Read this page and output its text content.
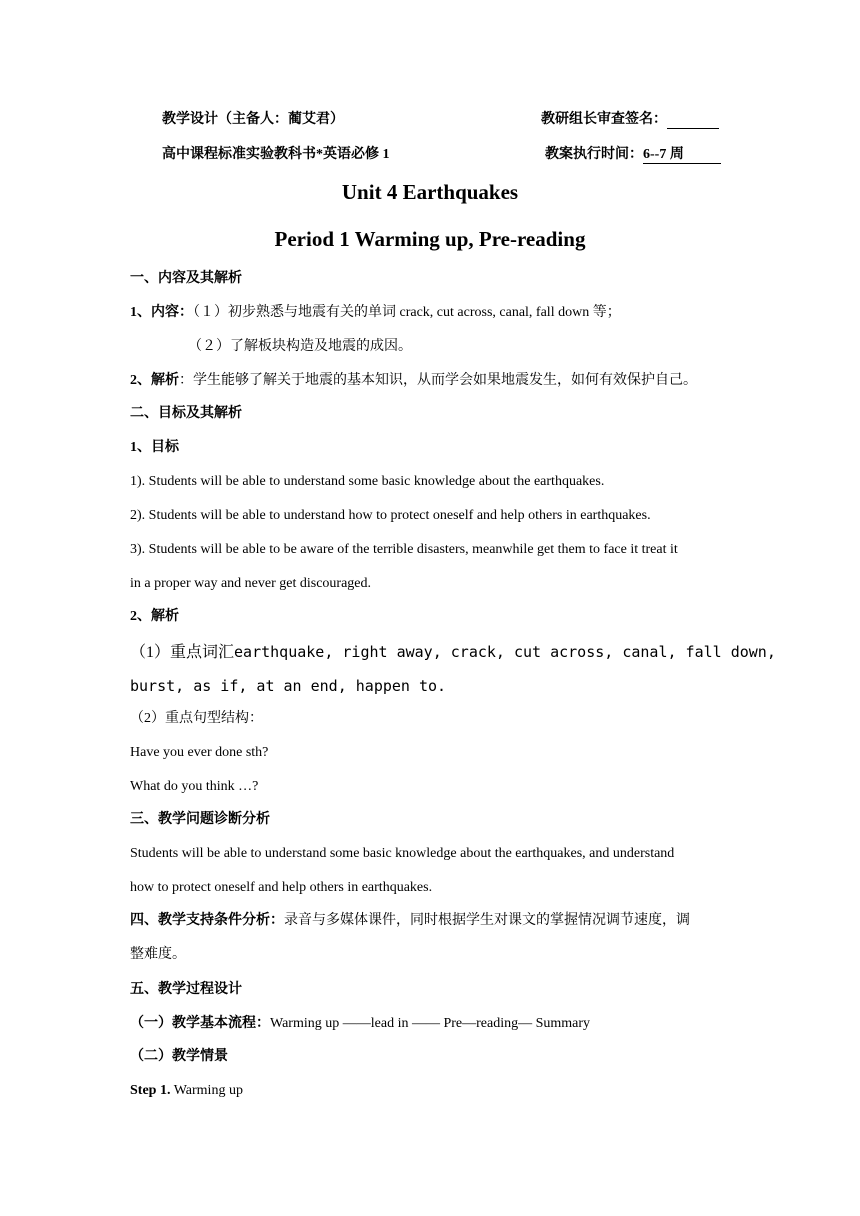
教学设计（主备人：蔺艾君）	教研组长审查签名：
高中课程标准实验教科书*英语必修 1	教案执行时间：6--7 周
Unit 4 Earthquakes
Period 1 Warming up, Pre-reading
一、内容及其解析
1、内容：（１）初步熟悉与地震有关的单词 crack, cut across, canal, fall down 等；
（２）了解板块构造及地震的成因。
2、解析：学生能够了解关于地震的基本知识，从而学会如果地震发生，如何有效保护自己。
二、目标及其解析
1、目标
1). Students will be able to understand some basic knowledge about the earthquakes.
2). Students will be able to understand how to protect oneself and help others in earthquakes.
3). Students will be able to be aware of the terrible disasters, meanwhile get them to face it treat it
in a proper way and never get discouraged.
2、解析
（1）重点词汇earthquake, right away, crack, cut across, canal, fall down,
burst, as if, at an end, happen to.
（2）重点句型结构：
Have you ever done sth?
What do you think …?
三、教学问题诊断分析
Students will be able to understand some basic knowledge about the earthquakes, and understand
how to protect oneself and help others in earthquakes.
四、教学支持条件分析：录音与多媒体课件，同时根据学生对课文的掌握情况调节速度，调
整难度。
五、教学过程设计
（一）教学基本流程：Warming up ——lead in —— Pre—reading— Summary
（二）教学情景
Step 1. Warming up
